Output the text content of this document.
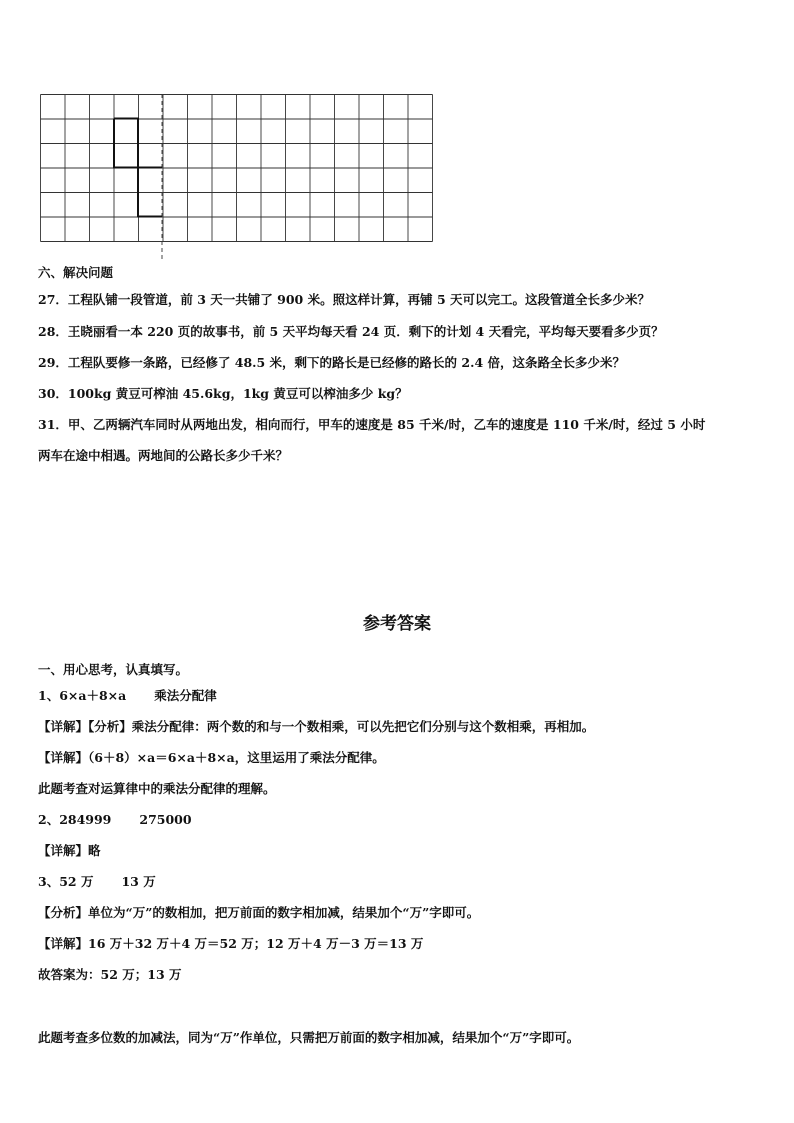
六、解决问题
27．工程队铺一段管道，前 3 天一共铺了 900 米。照这样计算，再铺 5 天可以完工。这段管道全长多少米？
28．王晓丽看一本 220 页的故事书，前 5 天平均每天看 24 页．剩下的计划 4 天看完，平均每天要看多少页？
29．工程队要修一条路，已经修了 48.5 米，剩下的路长是已经修的路长的 2.4 倍，这条路全长多少米？
30．100kg 黄豆可榨油 45.6kg，1kg 黄豆可以榨油多少 kg？
31．甲、乙两辆汽车同时从两地出发，相向而行，甲车的速度是 85 千米/时，乙车的速度是 110 千米/时，经过 5 小时
两车在途中相遇。两地间的公路长多少千米？
参考答案
一、用心思考，认真填写。
1、6×a＋8×a 乘法分配律
【详解】【分析】乘法分配律：两个数的和与一个数相乘，可以先把它们分别与这个数相乘，再相加。
【详解】（6＋8）×a＝6×a＋8×a，这里运用了乘法分配律。
此题考查对运算律中的乘法分配律的理解。
2、284999 275000
【详解】略
3、52 万 13 万
【分析】单位为“万”的数相加，把万前面的数字相加减，结果加个“万”字即可。
【详解】16 万＋32 万＋4 万＝52 万；12 万＋4 万－3 万＝13 万
故答案为：52 万；13 万
此题考查多位数的加减法，同为“万”作单位，只需把万前面的数字相加减，结果加个“万”字即可。
